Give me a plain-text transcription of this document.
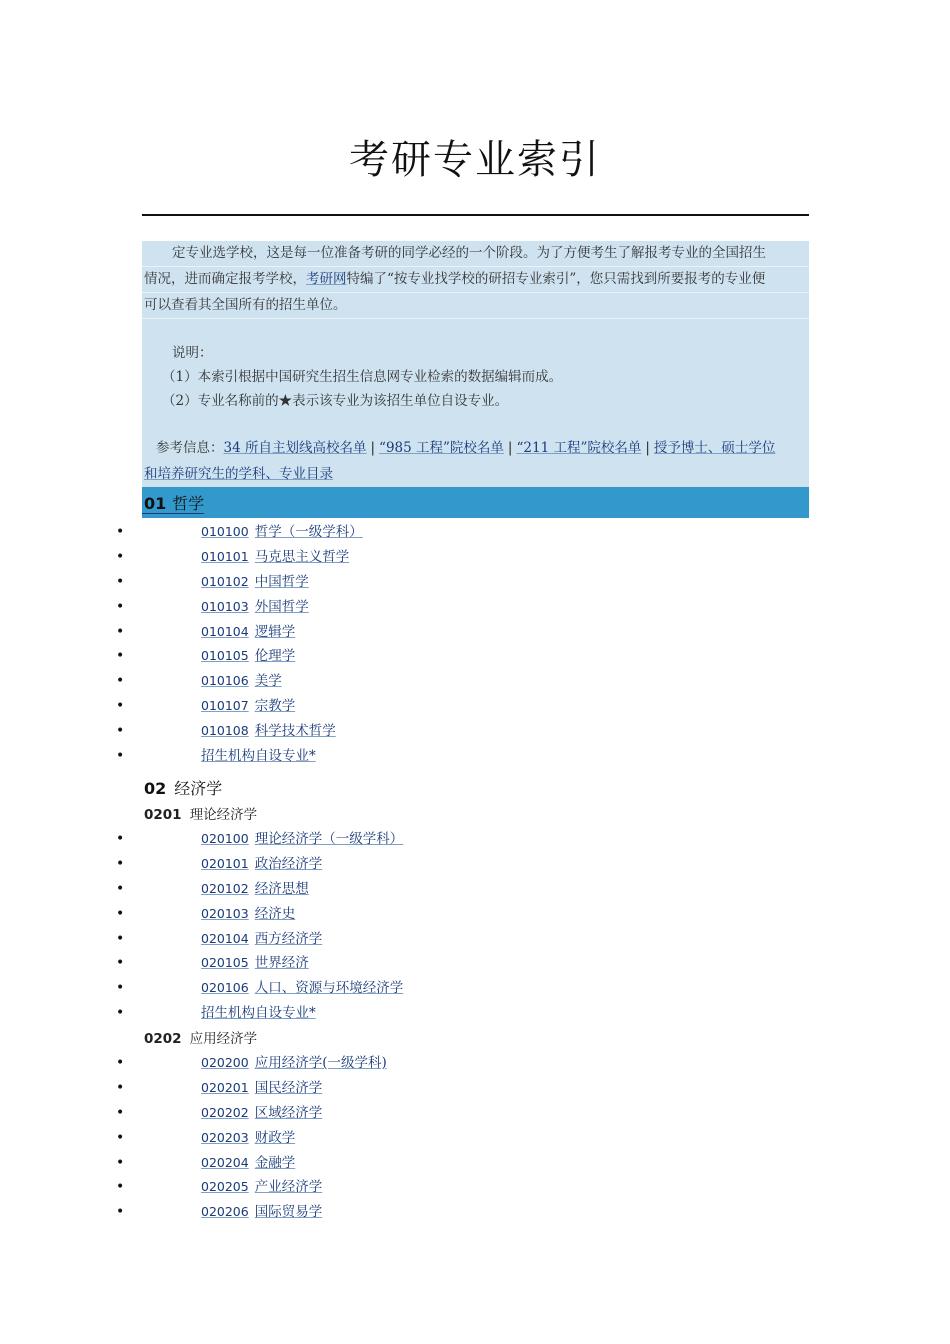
考研专业索引
定专业选学校，这是每一位准备考研的同学必经的一个阶段。为了方便考生了解报考专业的全国招生
情况，进而确定报考学校，考研网特编了“按专业找学校的研招专业索引”，您只需找到所要报考的专业便
可以查看其全国所有的招生单位。
说明：
（1）本索引根据中国研究生招生信息网专业检索的数据编辑而成。
（2）专业名称前的★表示该专业为该招生单位自设专业。
参考信息：34 所自主划线高校名单 | “985 工程”院校名单 | “211 工程”院校名单 | 授予博士、硕士学位
和培养研究生的学科、专业目录
01 哲学
•	010100 哲学（一级学科）
•	010101 马克思主义哲学
•	010102 中国哲学
•	010103 外国哲学
•	010104 逻辑学
•	010105 伦理学
•	010106 美学
•	010107 宗教学
•	010108 科学技术哲学
•	招生机构自设专业*
02 经济学
0201 理论经济学
•	020100 理论经济学（一级学科）
•	020101 政治经济学
•	020102 经济思想
•	020103 经济史
•	020104 西方经济学
•	020105 世界经济
•	020106 人口、资源与环境经济学
•	招生机构自设专业*
0202 应用经济学
•	020200 应用经济学(一级学科)
•	020201 国民经济学
•	020202 区域经济学
•	020203 财政学
•	020204 金融学
•	020205 产业经济学
•	020206 国际贸易学
